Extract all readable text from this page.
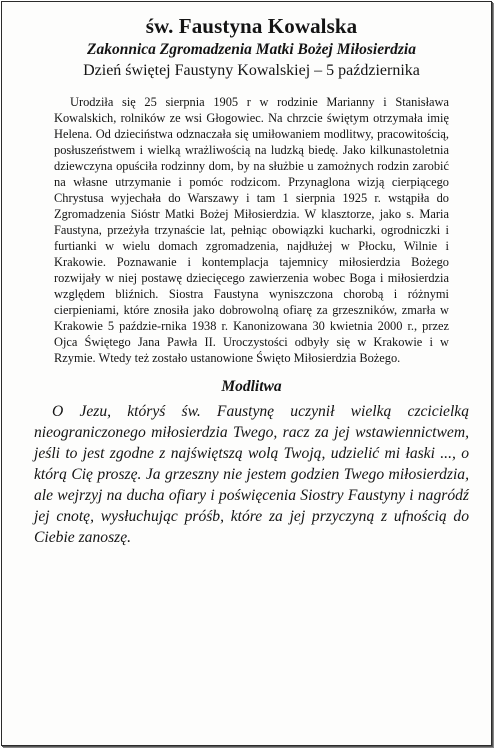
św. Faustyna Kowalska
Zakonnica Zgromadzenia Matki Bożej Miłosierdzia
Dzień świętej Faustyny Kowalskiej – 5 października

Urodziła się 25 sierpnia 1905 r w rodzinie Marianny i Stanisława Kowalskich, rolników ze wsi Głogowiec. Na chrzcie świętym otrzymała imię Helena. Od dzieciństwa odznaczała się umiłowaniem modlitwy, pracowitością, posłuszeństwem i wielką wrażliwością na ludzką biedę. Jako kilkunastoletnia dziewczyna opuściła rodzinny dom, by na służbie u zamożnych rodzin zarobić na własne utrzymanie i pomóc rodzicom. Przynaglona wizją cierpiącego Chrystusa wyjechała do Warszawy i tam 1 sierpnia 1925 r. wstąpiła do Zgromadzenia Sióstr Matki Bożej Miłosierdzia. W klasztorze, jako s. Maria Faustyna, przeżyła trzynaście lat, pełniąc obowiązki kucharki, ogrodniczki i furtianki w wielu domach zgromadzenia, najdłużej w Płocku, Wilnie i Krakowie. Poznawanie i kontemplacja tajemnicy miłosierdzia Bożego rozwijały w niej postawę dziecięcego zawierzenia wobec Boga i miłosierdzia względem bliźnich. Siostra Faustyna wyniszczona chorobą i różnymi cierpieniami, które znosiła jako dobrowolną ofiarę za grzeszników, zmarła w Krakowie 5 paździe-rnika 1938 r. Kanonizowana 30 kwietnia 2000 r., przez Ojca Świętego Jana Pawła II. Uroczystości odbyły się w Krakowie i w Rzymie. Wtedy też zostało ustanowione Święto Miłosierdzia Bożego.

Modlitwa

O Jezu, któryś św. Faustynę uczynił wielką czcicielką nieograniczonego miłosierdzia Twego, racz za jej wstawiennictwem, jeśli to jest zgodne z najświętszą wolą Twoją, udzielić mi łaski ..., o którą Cię proszę. Ja grzeszny nie jestem godzien Twego miłosierdzia, ale wejrzyj na ducha ofiary i poświęcenia Siostry Faustyny i nagródź jej cnotę, wysłuchując próśb, które za jej przyczyną z ufnością do Ciebie zanoszę.
